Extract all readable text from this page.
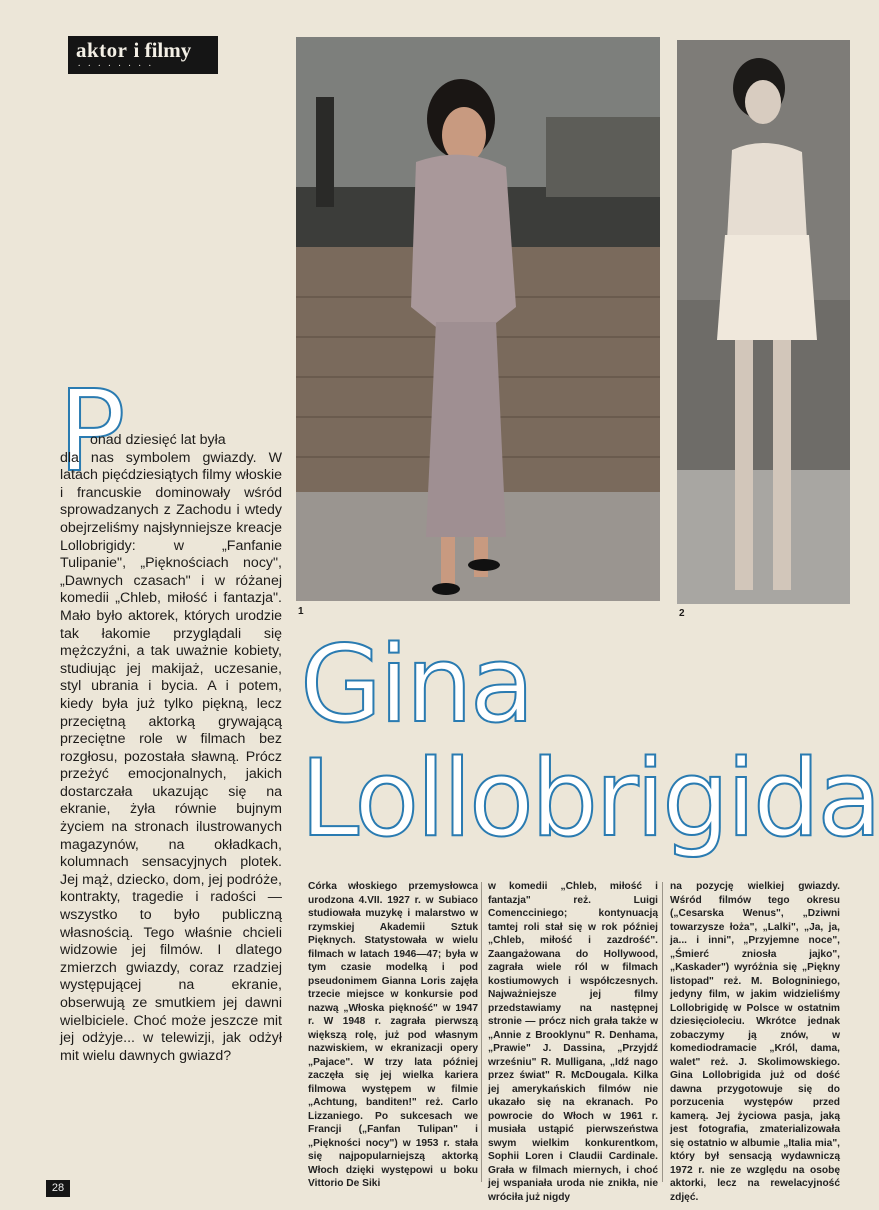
aktor i filmy
· · · · · · · ·
1	2
Gina
Lollobrigida
P
onad dziesięć lat była
dla nas symbolem gwiazdy. W latach pięćdziesiątych filmy włoskie i francuskie dominowały wśród sprowadzanych z Zachodu i wtedy obejrzeliśmy najsłynniejsze kreacje Lollobrigidy: w „Fanfanie Tulipanie", „Pięknościach nocy", „Dawnych czasach" i w różanej komedii „Chleb, miłość i fantazja". Mało było aktorek, których urodzie tak łakomie przyglądali się mężczyźni, a tak uważnie kobiety, studiując jej makijaż, uczesanie, styl ubrania i bycia. A i potem, kiedy była już tylko piękną, lecz przeciętną aktorką grywającą przeciętne role w filmach bez rozgłosu, pozostała sławną. Prócz przeżyć emocjonalnych, jakich dostarczała ukazując się na ekranie, żyła równie bujnym życiem na stronach ilustrowanych magazynów, na okładkach, kolumnach sensacyjnych plotek. Jej mąż, dziecko, dom, jej podróże, kontrakty, tragedie i radości — wszystko to było publiczną własnością. Tego właśnie chcieli widzowie jej filmów. I dlatego zmierzch gwiazdy, coraz rzadziej występującej na ekranie, obserwują ze smutkiem jej dawni wielbiciele. Choć może jeszcze mit jej odżyje... w telewizji, jak odżył mit wielu dawnych gwiazd?
Córka włoskiego przemysłowca urodzona 4.VII. 1927 r. w Subiaco studiowała muzykę i malarstwo w rzymskiej Akademii Sztuk Pięknych. Statystowała w wielu filmach w latach 1946—47; była w tym czasie modelką i pod pseudonimem Gianna Loris zajęła trzecie miejsce w konkursie pod nazwą „Włoska piękność" w 1947 r. W 1948 r. zagrała pierwszą większą rolę, już pod własnym nazwiskiem, w ekranizacji opery „Pajace". W trzy lata później zaczęła się jej wielka kariera filmowa występem w filmie „Achtung, banditen!" reż. Carlo Lizzaniego. Po sukcesach we Francji („Fanfan Tulipan" i „Piękności nocy") w 1953 r. stała się najpopularniejszą aktorką Włoch dzięki występowi u boku Vittorio De Siki
w komedii „Chleb, miłość i fantazja" reż. Luigi Comencciniego; kontynuacją tamtej roli stał się w rok później „Chleb, miłość i zazdrość". Zaangażowana do Hollywood, zagrała wiele ról w filmach kostiumowych i współczesnych. Najważniejsze jej filmy przedstawiamy na następnej stronie — prócz nich grała także w „Annie z Brooklynu" R. Denhama, „Prawie" J. Dassina, „Przyjdź wrześniu" R. Mulligana, „Idź nago przez świat" R. McDougala. Kilka jej amerykańskich filmów nie ukazało się na ekranach. Po powrocie do Włoch w 1961 r. musiała ustąpić pierwszeństwa swym wielkim konkurentkom, Sophii Loren i Claudii Cardinale. Grała w filmach miernych, i choć jej wspaniała uroda nie znikła, nie wróciła już nigdy
na pozycję wielkiej gwiazdy. Wśród filmów tego okresu („Cesarska Wenus", „Dziwni towarzysze łoża", „Lalki", „Ja, ja, ja... i inni", „Przyjemne noce", „Śmierć zniosła jajko", „Kaskader") wyróżnia się „Piękny listopad" reż. M. Bologniniego, jedyny film, w jakim widzieliśmy Lollobrigidę w Polsce w ostatnim dziesięcioleciu. Wkrótce jednak zobaczymy ją znów, w komediodramacie „Król, dama, walet" reż. J. Skolimowskiego. Gina Lollobrigida już od dość dawna przygotowuje się do porzucenia występów przed kamerą. Jej życiowa pasja, jaką jest fotografia, zmaterializowała się ostatnio w albumie „Italia mia", który był sensacją wydawniczą 1972 r. nie ze względu na osobę aktorki, lecz na rewelacyjność zdjęć.
28
